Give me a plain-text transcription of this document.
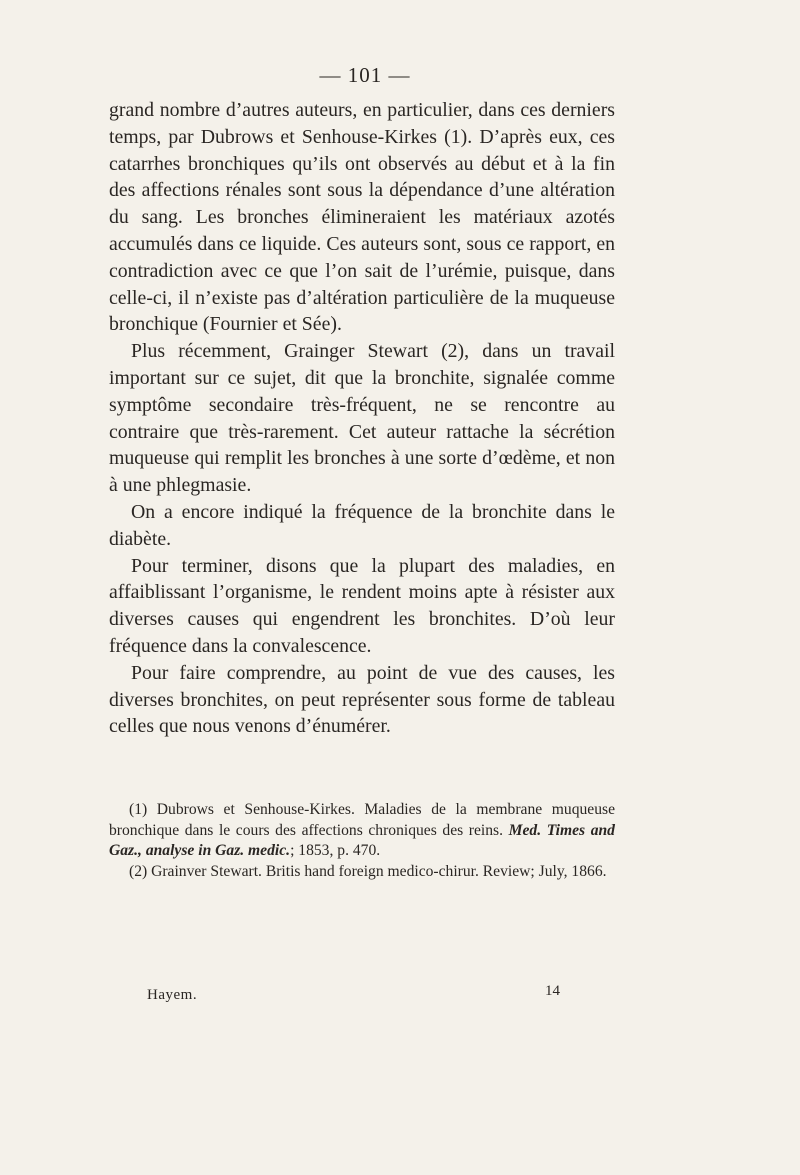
— 101 —

grand nombre d’autres auteurs, en particulier, dans ces derniers temps, par Dubrows et Senhouse-Kirkes (1). D’après eux, ces catarrhes bronchiques qu’ils ont observés au début et à la fin des affections rénales sont sous la dépendance d’une altération du sang. Les bronches élimineraient les matériaux azotés accumulés dans ce liquide. Ces auteurs sont, sous ce rapport, en contradiction avec ce que l’on sait de l’urémie, puisque, dans celle-ci, il n’existe pas d’altération particulière de la muqueuse bronchique (Fournier et Sée).

Plus récemment, Grainger Stewart (2), dans un travail important sur ce sujet, dit que la bronchite, signalée comme symptôme secondaire très-fréquent, ne se rencontre au contraire que très-rarement. Cet auteur rattache la sécrétion muqueuse qui remplit les bronches à une sorte d’œdème, et non à une phlegmasie.

On a encore indiqué la fréquence de la bronchite dans le diabète.

Pour terminer, disons que la plupart des maladies, en affaiblissant l’organisme, le rendent moins apte à résister aux diverses causes qui engendrent les bronchites. D’où leur fréquence dans la convalescence.

Pour faire comprendre, au point de vue des causes, les diverses bronchites, on peut représenter sous forme de tableau celles que nous venons d’énumérer.

(1) Dubrows et Senhouse-Kirkes. Maladies de la membrane muqueuse bronchique dans le cours des affections chroniques des reins. Med. Times and Gaz., analyse in Gaz. medic.; 1853, p. 470.

(2) Grainver Stewart. Britis hand foreign medico-chirur. Review; July, 1866.

Hayem.	14
